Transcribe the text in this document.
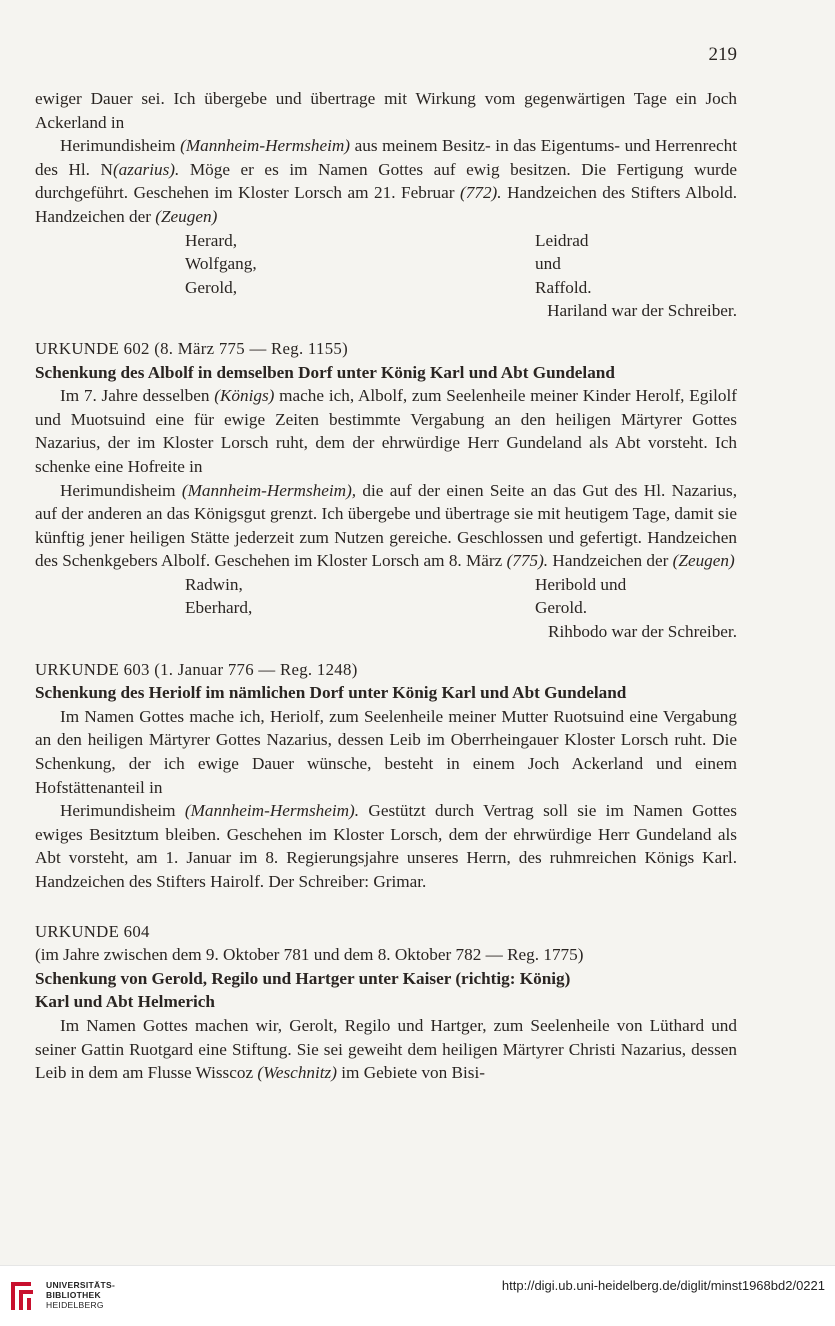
219

ewiger Dauer sei. Ich übergebe und übertrage mit Wirkung vom gegenwärtigen Tage ein Joch Ackerland in

Herimundisheim (Mannheim-Hermsheim) aus meinem Besitz- in das Eigentums- und Herrenrecht des Hl. N(azarius). Möge er es im Namen Gottes auf ewig besitzen. Die Fertigung wurde durchgeführt. Geschehen im Kloster Lorsch am 21. Februar (772). Handzeichen des Stifters Albold. Handzeichen der (Zeugen)

Herard,	Leidrad
Wolfgang,	und
Gerold,	Raffold.
Hariland war der Schreiber.

URKUNDE 602 (8. März 775 — Reg. 1155)

Schenkung des Albolf in demselben Dorf unter König Karl und Abt Gundeland

Im 7. Jahre desselben (Königs) mache ich, Albolf, zum Seelenheile meiner Kinder Herolf, Egilolf und Muotsuind eine für ewige Zeiten bestimmte Vergabung an den heiligen Märtyrer Gottes Nazarius, der im Kloster Lorsch ruht, dem der ehrwürdige Herr Gundeland als Abt vorsteht. Ich schenke eine Hofreite in

Herimundisheim (Mannheim-Hermsheim), die auf der einen Seite an das Gut des Hl. Nazarius, auf der anderen an das Königsgut grenzt. Ich übergebe und übertrage sie mit heutigem Tage, damit sie künftig jener heiligen Stätte jederzeit zum Nutzen gereiche. Geschlossen und gefertigt. Handzeichen des Schenkgebers Albolf. Geschehen im Kloster Lorsch am 8. März (775). Handzeichen der (Zeugen)

Radwin,	Heribold und
Eberhard,	Gerold.
Rihbodo war der Schreiber.

URKUNDE 603 (1. Januar 776 — Reg. 1248)

Schenkung des Heriolf im nämlichen Dorf unter König Karl und Abt Gundeland

Im Namen Gottes mache ich, Heriolf, zum Seelenheile meiner Mutter Ruotsuind eine Vergabung an den heiligen Märtyrer Gottes Nazarius, dessen Leib im Oberrheingauer Kloster Lorsch ruht. Die Schenkung, der ich ewige Dauer wünsche, besteht in einem Joch Ackerland und einem Hofstättenanteil in

Herimundisheim (Mannheim-Hermsheim). Gestützt durch Vertrag soll sie im Namen Gottes ewiges Besitztum bleiben. Geschehen im Kloster Lorsch, dem der ehrwürdige Herr Gundeland als Abt vorsteht, am 1. Januar im 8. Regierungsjahre unseres Herrn, des ruhmreichen Königs Karl. Handzeichen des Stifters Hairolf. Der Schreiber: Grimar.

URKUNDE 604

(im Jahre zwischen dem 9. Oktober 781 und dem 8. Oktober 782 — Reg. 1775)

Schenkung von Gerold, Regilo und Hartger unter Kaiser (richtig: König)

Karl und Abt Helmerich

Im Namen Gottes machen wir, Gerolt, Regilo und Hartger, zum Seelenheile von Lüthard und seiner Gattin Ruotgard eine Stiftung. Sie sei geweiht dem heiligen Märtyrer Christi Nazarius, dessen Leib in dem am Flusse Wisscoz (Weschnitz) im Gebiete von Bisi-

UNIVERSITÄTS-
BIBLIOTHEK
HEIDELBERG
http://digi.ub.uni-heidelberg.de/diglit/minst1968bd2/0221
